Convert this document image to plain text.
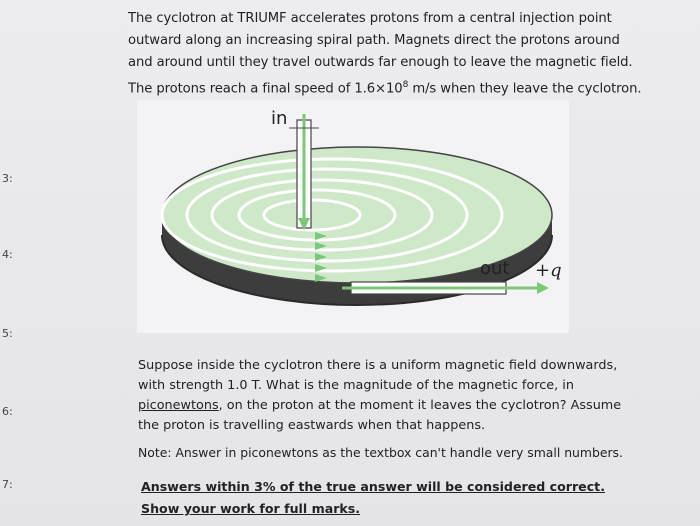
3:
4:
5:
6:
7:
The cyclotron at TRIUMF accelerates protons from a central injection point outward along an increasing spiral path. Magnets direct the protons around and around until they travel outwards far enough to leave the magnetic field. The protons reach a final speed of $1.6\times 10^8$ m/s when they leave the cyclotron.
in
out +q
Suppose inside the cyclotron there is a uniform magnetic field downwards, with strength 1.0 T. What is the magnitude of the magnetic force, in piconewtons, on the proton at the moment it leaves the cyclotron? Assume the proton is travelling eastwards when that happens.
Note: Answer in piconewtons as the textbox can't handle very small numbers.
Answers within 3% of the true answer will be considered correct. Show your work for full marks.
